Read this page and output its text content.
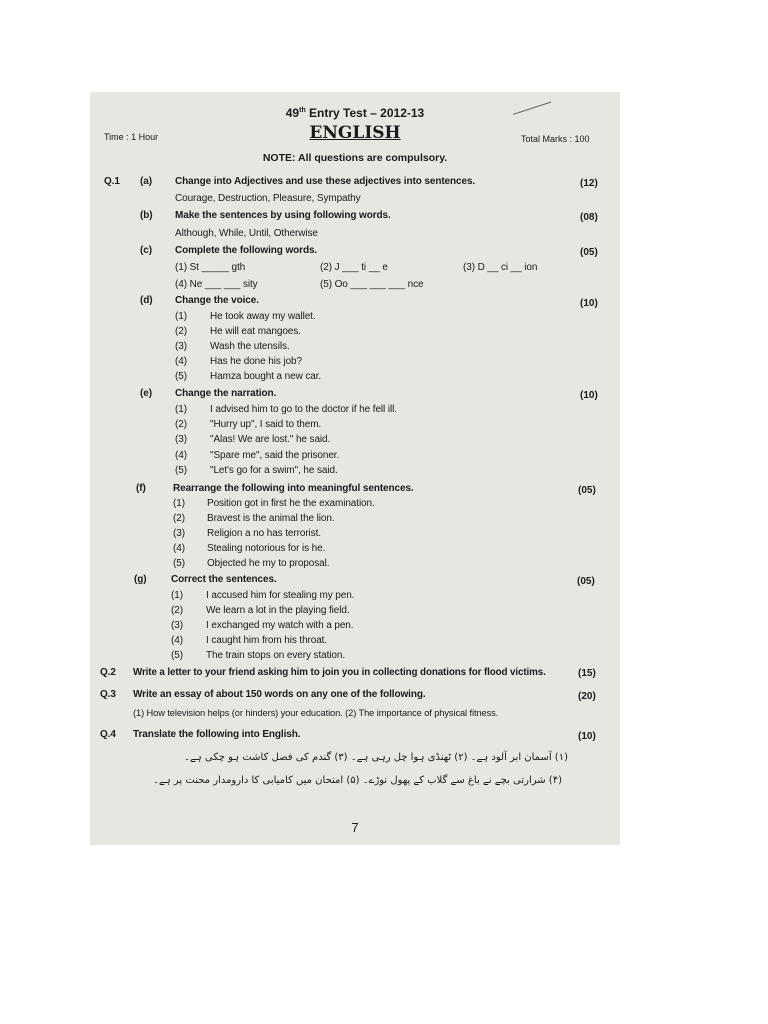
49th Entry Test – 2012-13
ENGLISH
Time : 1 Hour	Total Marks : 100
NOTE: All questions are compulsory.
Q.1 (a) Change into Adjectives and use these adjectives into sentences.	(12)
Courage, Destruction, Pleasure, Sympathy
(b) Make the sentences by using following words.	(08)
Although, While, Until, Otherwise
(c) Complete the following words.	(05)
(1) St _____ gth	(2) J ___ ti __ e	(3) D __ ci __ ion
(4) Ne ___ ___ sity	(5) Oo ___ ___ ___ nce
(d) Change the voice.	(10)
(1) He took away my wallet.
(2) He will eat mangoes.
(3) Wash the utensils.
(4) Has he done his job?
(5) Hamza bought a new car.
(e) Change the narration.	(10)
(1) I advised him to go to the doctor if he fell ill.
(2) "Hurry up", I said to them.
(3) "Alas! We are lost." he said.
(4) "Spare me", said the prisoner.
(5) "Let's go for a swim", he said.
(f)	Rearrange the following into meaningful sentences.	(05)
(1) Position got in first he the examination.
(2) Bravest is the animal the lion.
(3) Religion a no has terrorist.
(4) Stealing notorious for is he.
(5) Objected he my to proposal.
(g) Correct the sentences.	(05)
(1) I accused him for stealing my pen.
(2) We learn a lot in the playing field.
(3) I exchanged my watch with a pen.
(4) I caught him from his throat.
(5) The train stops on every station.
Q.2 Write a letter to your friend asking him to join you in collecting donations for flood victims.	(15)
Q.3 Write an essay of about 150 words on any one of the following.	(20)
(1) How television helps (or hinders) your education. (2) The importance of physical fitness.
Q.4 Translate the following into English.	(10)
(۱) آسمان ابر آلود ہے۔ (۲) ٹھنڈی ہوا چل رہی ہے۔ (۳) گندم کی فصل کاشت ہو چکی ہے۔
(۴) شرارتی بچے نے باغ سے گلاب کے پھول توڑے۔ (۵) امتحان میں کامیابی کا دارومدار محنت پر ہے۔
7
